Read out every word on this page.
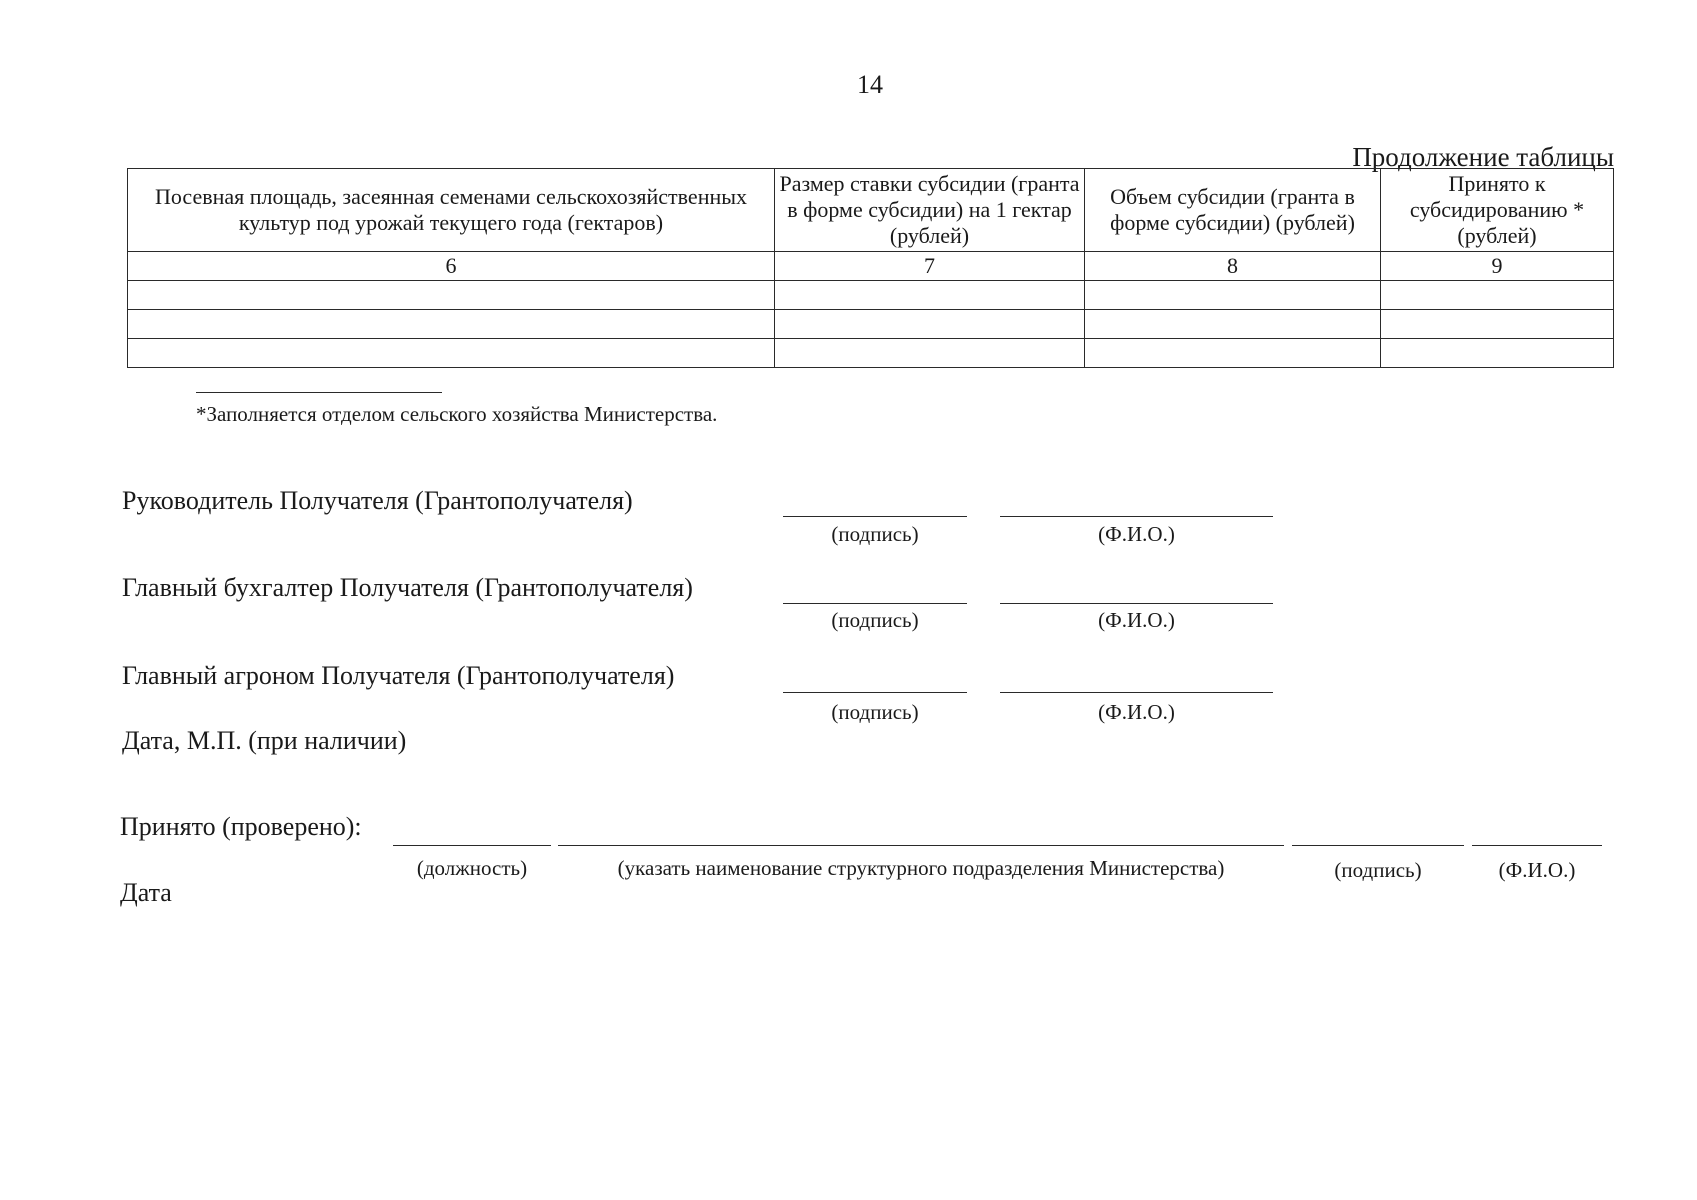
14
Продолжение таблицы
Посевная площадь, засеянная семенами сельскохозяйственных культур под урожай текущего года (гектаров)	Размер ставки субсидии (гранта в форме субсидии) на 1 гектар (рублей)	Объем субсидии (гранта в форме субсидии) (рублей)	Принято к субсидированию * (рублей)
6	7	8	9

*Заполняется отделом сельского хозяйства Министерства.
Руководитель Получателя (Грантополучателя)
(подпись)	(Ф.И.О.)
Главный бухгалтер Получателя (Грантополучателя)
(подпись)	(Ф.И.О.)
Главный агроном Получателя (Грантополучателя)
(подпись)	(Ф.И.О.)
Дата, М.П. (при наличии)
Принято (проверено):
(должность)	(указать наименование структурного подразделения Министерства)	(подпись)	(Ф.И.О.)
Дата
